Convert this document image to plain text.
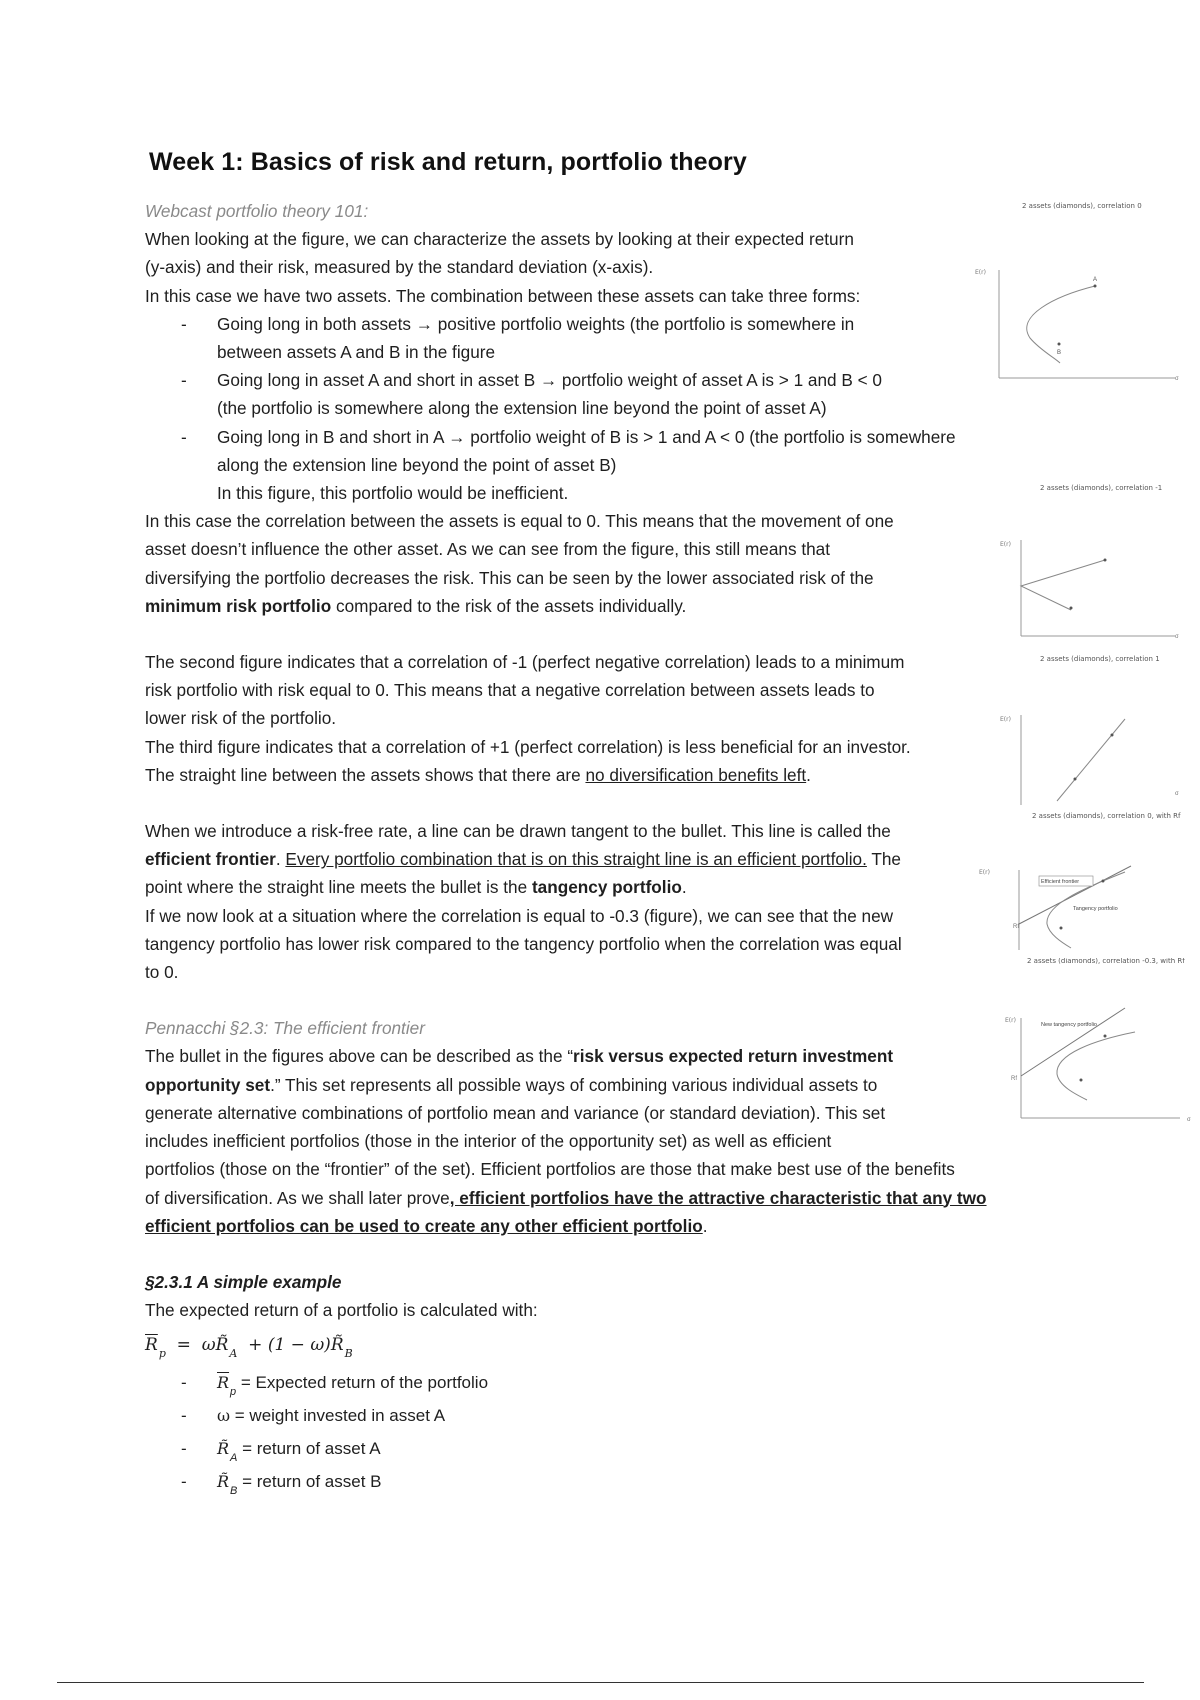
Week 1: Basics of risk and return, portfolio theory

Webcast portfolio theory 101:

When looking at the figure, we can characterize the assets by looking at their expected return

(y-axis) and their risk, measured by the standard deviation (x-axis).

In this case we have two assets. The combination between these assets can take three forms:

-	Going long in both assets → positive portfolio weights (the portfolio is somewhere in
between assets A and B in the figure
-	Going long in asset A and short in asset B → portfolio weight of asset A is > 1 and B < 0
(the portfolio is somewhere along the extension line beyond the point of asset A)
-	Going long in B and short in A → portfolio weight of B is > 1 and A < 0 (the portfolio is somewhere
along the extension line beyond the point of asset B)
In this figure, this portfolio would be inefficient.

In this case the correlation between the assets is equal to 0. This means that the movement of one

asset doesn’t influence the other asset. As we can see from the figure, this still means that

diversifying the portfolio decreases the risk. This can be seen by the lower associated risk of the

minimum risk portfolio compared to the risk of the assets individually.

The second figure indicates that a correlation of -1 (perfect negative correlation) leads to a minimum

risk portfolio with risk equal to 0. This means that a negative correlation between assets leads to

lower risk of the portfolio.

The third figure indicates that a correlation of +1 (perfect correlation) is less beneficial for an investor.

The straight line between the assets shows that there are no diversification benefits left.

When we introduce a risk-free rate, a line can be drawn tangent to the bullet. This line is called the

efficient frontier. Every portfolio combination that is on this straight line is an efficient portfolio. The

point where the straight line meets the bullet is the tangency portfolio.

If we now look at a situation where the correlation is equal to -0.3 (figure), we can see that the new

tangency portfolio has lower risk compared to the tangency portfolio when the correlation was equal

to 0.

Pennacchi §2.3: The efficient frontier

The bullet in the figures above can be described as the “risk versus expected return investment

opportunity set.” This set represents all possible ways of combining various individual assets to

generate alternative combinations of portfolio mean and variance (or standard deviation). This set

includes inefficient portfolios (those in the interior of the opportunity set) as well as efficient

portfolios (those on the “frontier” of the set). Efficient portfolios are those that make best use of the benefits

of diversification. As we shall later prove, efficient portfolios have the attractive characteristic that any two

efficient portfolios can be used to create any other efficient portfolio.

§2.3.1 A simple example

The expected return of a portfolio is calculated with:

$\overline{R}_p$ = $\omega R̃_A + (1$ − $\omega)R̃_B$
-	$\overline{R}_p$ = Expected return of the portfolio
-	ω = weight invested in asset A
-	$R̃_A$ = return of asset A
-	$R̃_B$ = return of asset B
2 assets (diamonds), correlation 0
E(r)
σ
A
B
2 assets (diamonds), correlation -1
E(r)
σ
2 assets (diamonds), correlation 1
E(r)
σ
2 assets (diamonds), correlation 0, with Rf
E(r)
Rf
Efficient frontier
Tangency portfolio
2 assets (diamonds), correlation -0.3, with Rf
E(r)
σ
Rf
New tangency portfolio
